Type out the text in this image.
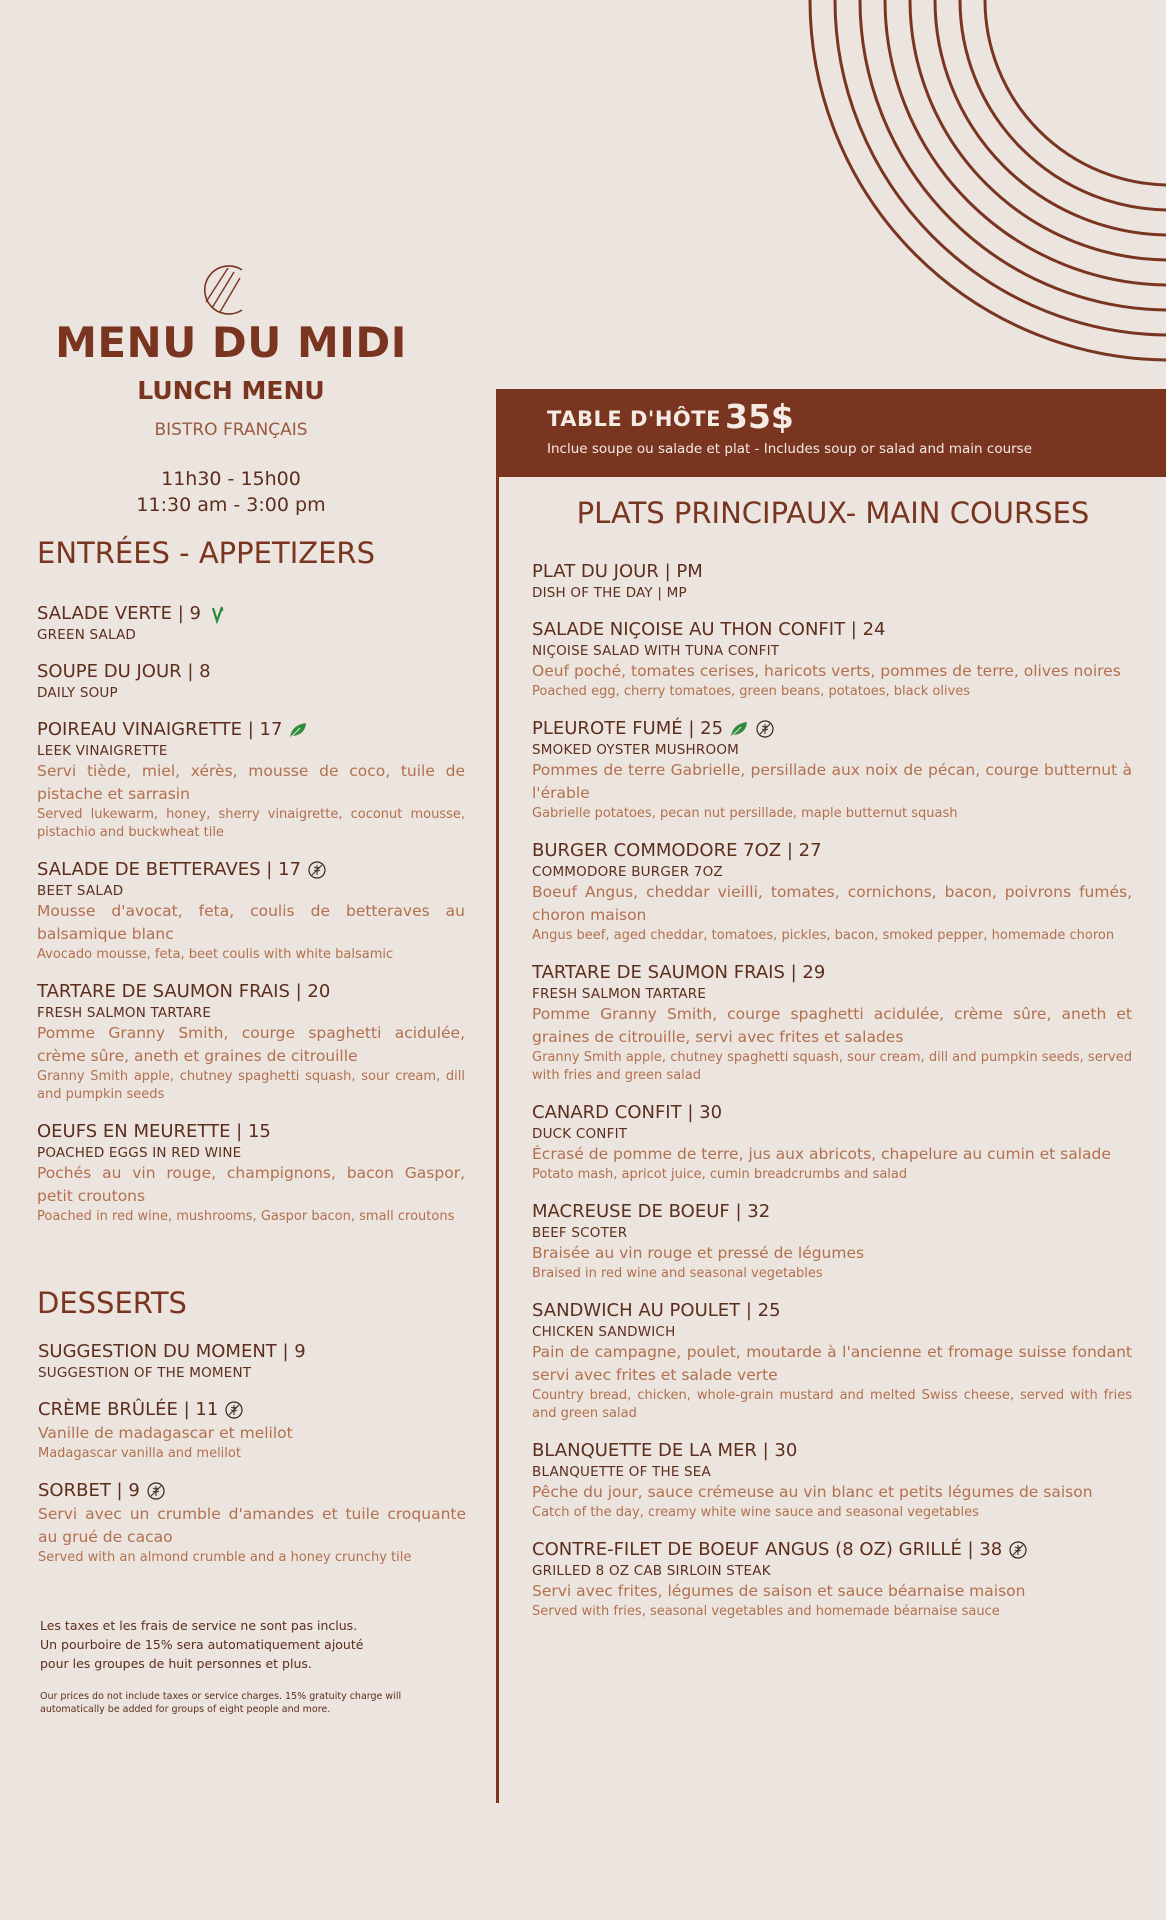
MENU DU MIDI
LUNCH MENU
BISTRO FRANÇAIS
11h30 - 15h00
11:30 am - 3:00 pm
ENTRÉES - APPETIZERS
SALADE VERTE | 9
GREEN SALAD
SOUPE DU JOUR | 8
DAILY SOUP
POIREAU VINAIGRETTE | 17
LEEK VINAIGRETTE
Servi tiède, miel, xérès, mousse de coco, tuile de pistache et sarrasin
Served lukewarm, honey, sherry vinaigrette, coconut mousse, pistachio and buckwheat tile
SALADE DE BETTERAVES | 17
BEET SALAD
Mousse d'avocat, feta, coulis de betteraves au balsamique blanc
Avocado mousse, feta, beet coulis with white balsamic
TARTARE DE SAUMON FRAIS | 20
FRESH SALMON TARTARE
Pomme Granny Smith, courge spaghetti acidulée, crème sûre, aneth et graines de citrouille
Granny Smith apple, chutney spaghetti squash, sour cream, dill and pumpkin seeds
OEUFS EN MEURETTE | 15
POACHED EGGS IN RED WINE
Pochés au vin rouge, champignons, bacon Gaspor, petit croutons
Poached in red wine, mushrooms, Gaspor bacon, small croutons
DESSERTS
SUGGESTION DU MOMENT | 9
SUGGESTION OF THE MOMENT
CRÈME BRÛLÉE | 11
Vanille de madagascar et melilot
Madagascar vanilla and melilot
SORBET | 9
Servi avec un crumble d'amandes et tuile croquante au grué de cacao
Served with an almond crumble and a honey crunchy tile
Les taxes et les frais de service ne sont pas inclus.
Un pourboire de 15% sera automatiquement ajouté
pour les groupes de huit personnes et plus.
Our prices do not include taxes or service charges. 15% gratuity charge will
automatically be added for groups of eight people and more.
TABLE D'HÔTE 35$
Inclue soupe ou salade et plat - Includes soup or salad and main course
PLATS PRINCIPAUX- MAIN COURSES
PLAT DU JOUR | PM
DISH OF THE DAY | MP
SALADE NIÇOISE AU THON CONFIT | 24
NIÇOISE SALAD WITH TUNA CONFIT
Oeuf poché, tomates cerises, haricots verts, pommes de terre, olives noires
Poached egg, cherry tomatoes, green beans, potatoes, black olives
PLEUROTE FUMÉ | 25
SMOKED OYSTER MUSHROOM
Pommes de terre Gabrielle, persillade aux noix de pécan, courge butternut à l'érable
Gabrielle potatoes, pecan nut persillade, maple butternut squash
BURGER COMMODORE 7OZ | 27
COMMODORE BURGER 7OZ
Boeuf Angus, cheddar vieilli, tomates, cornichons, bacon, poivrons fumés, choron maison
Angus beef, aged cheddar, tomatoes, pickles, bacon, smoked pepper, homemade choron
TARTARE DE SAUMON FRAIS | 29
FRESH SALMON TARTARE
Pomme Granny Smith, courge spaghetti acidulée, crème sûre, aneth et graines de citrouille, servi avec frites et salades
Granny Smith apple, chutney spaghetti squash, sour cream, dill and pumpkin seeds, served with fries and green salad
CANARD CONFIT | 30
DUCK CONFIT
Écrasé de pomme de terre, jus aux abricots, chapelure au cumin et salade
Potato mash, apricot juice, cumin breadcrumbs and salad
MACREUSE DE BOEUF | 32
BEEF SCOTER
Braisée au vin rouge et pressé de légumes
Braised in red wine and seasonal vegetables
SANDWICH AU POULET | 25
CHICKEN SANDWICH
Pain de campagne, poulet, moutarde à l'ancienne et fromage suisse fondant servi avec frites et salade verte
Country bread, chicken, whole-grain mustard and melted Swiss cheese, served with fries and green salad
BLANQUETTE DE LA MER | 30
BLANQUETTE OF THE SEA
Pêche du jour, sauce crémeuse au vin blanc et petits légumes de saison
Catch of the day, creamy white wine sauce and seasonal vegetables
CONTRE-FILET DE BOEUF ANGUS (8 OZ) GRILLÉ | 38
GRILLED 8 OZ CAB SIRLOIN STEAK
Servi avec frites, légumes de saison et sauce béarnaise maison
Served with fries, seasonal vegetables and homemade béarnaise sauce
